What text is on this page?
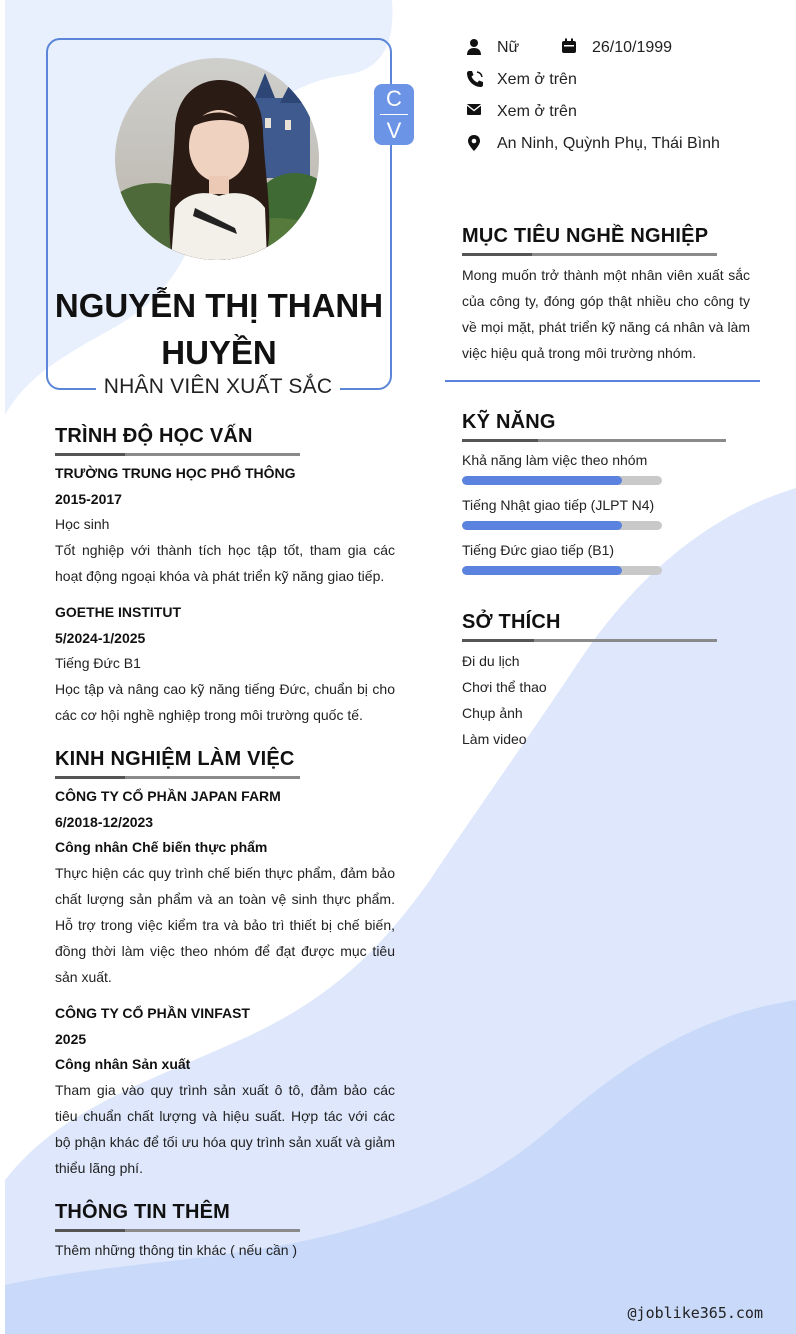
C
V
NGUYỄN THỊ THANH HUYỀN
NHÂN VIÊN XUẤT SẮC
Nữ	26/10/1999
Xem ở trên
Xem ở trên
An Ninh, Quỳnh Phụ, Thái Bình
TRÌNH ĐỘ HỌC VẤN
TRƯỜNG TRUNG HỌC PHỔ THÔNG
2015-2017
Học sinh
Tốt nghiệp với thành tích học tập tốt, tham gia các hoạt động ngoại khóa và phát triển kỹ năng giao tiếp.
GOETHE INSTITUT
5/2024-1/2025
Tiếng Đức B1
Học tập và nâng cao kỹ năng tiếng Đức, chuẩn bị cho các cơ hội nghề nghiệp trong môi trường quốc tế.
KINH NGHIỆM LÀM VIỆC
CÔNG TY CỔ PHẦN JAPAN FARM
6/2018-12/2023
Công nhân Chế biến thực phẩm
Thực hiện các quy trình chế biến thực phẩm, đảm bảo chất lượng sản phẩm và an toàn vệ sinh thực phẩm. Hỗ trợ trong việc kiểm tra và bảo trì thiết bị chế biến, đồng thời làm việc theo nhóm để đạt được mục tiêu sản xuất.
CÔNG TY CỔ PHẦN VINFAST
2025
Công nhân Sản xuất
Tham gia vào quy trình sản xuất ô tô, đảm bảo các tiêu chuẩn chất lượng và hiệu suất. Hợp tác với các bộ phận khác để tối ưu hóa quy trình sản xuất và giảm thiểu lãng phí.
THÔNG TIN THÊM
Thêm những thông tin khác ( nếu cần )
MỤC TIÊU NGHỀ NGHIỆP
Mong muốn trở thành một nhân viên xuất sắc của công ty, đóng góp thật nhiều cho công ty về mọi mặt, phát triển kỹ năng cá nhân và làm việc hiệu quả trong môi trường nhóm.
KỸ NĂNG
Khả năng làm việc theo nhóm
Tiếng Nhật giao tiếp (JLPT N4)
Tiếng Đức giao tiếp (B1)
SỞ THÍCH
Đi du lịch
Chơi thể thao
Chụp ảnh
Làm video
@joblike365.com
